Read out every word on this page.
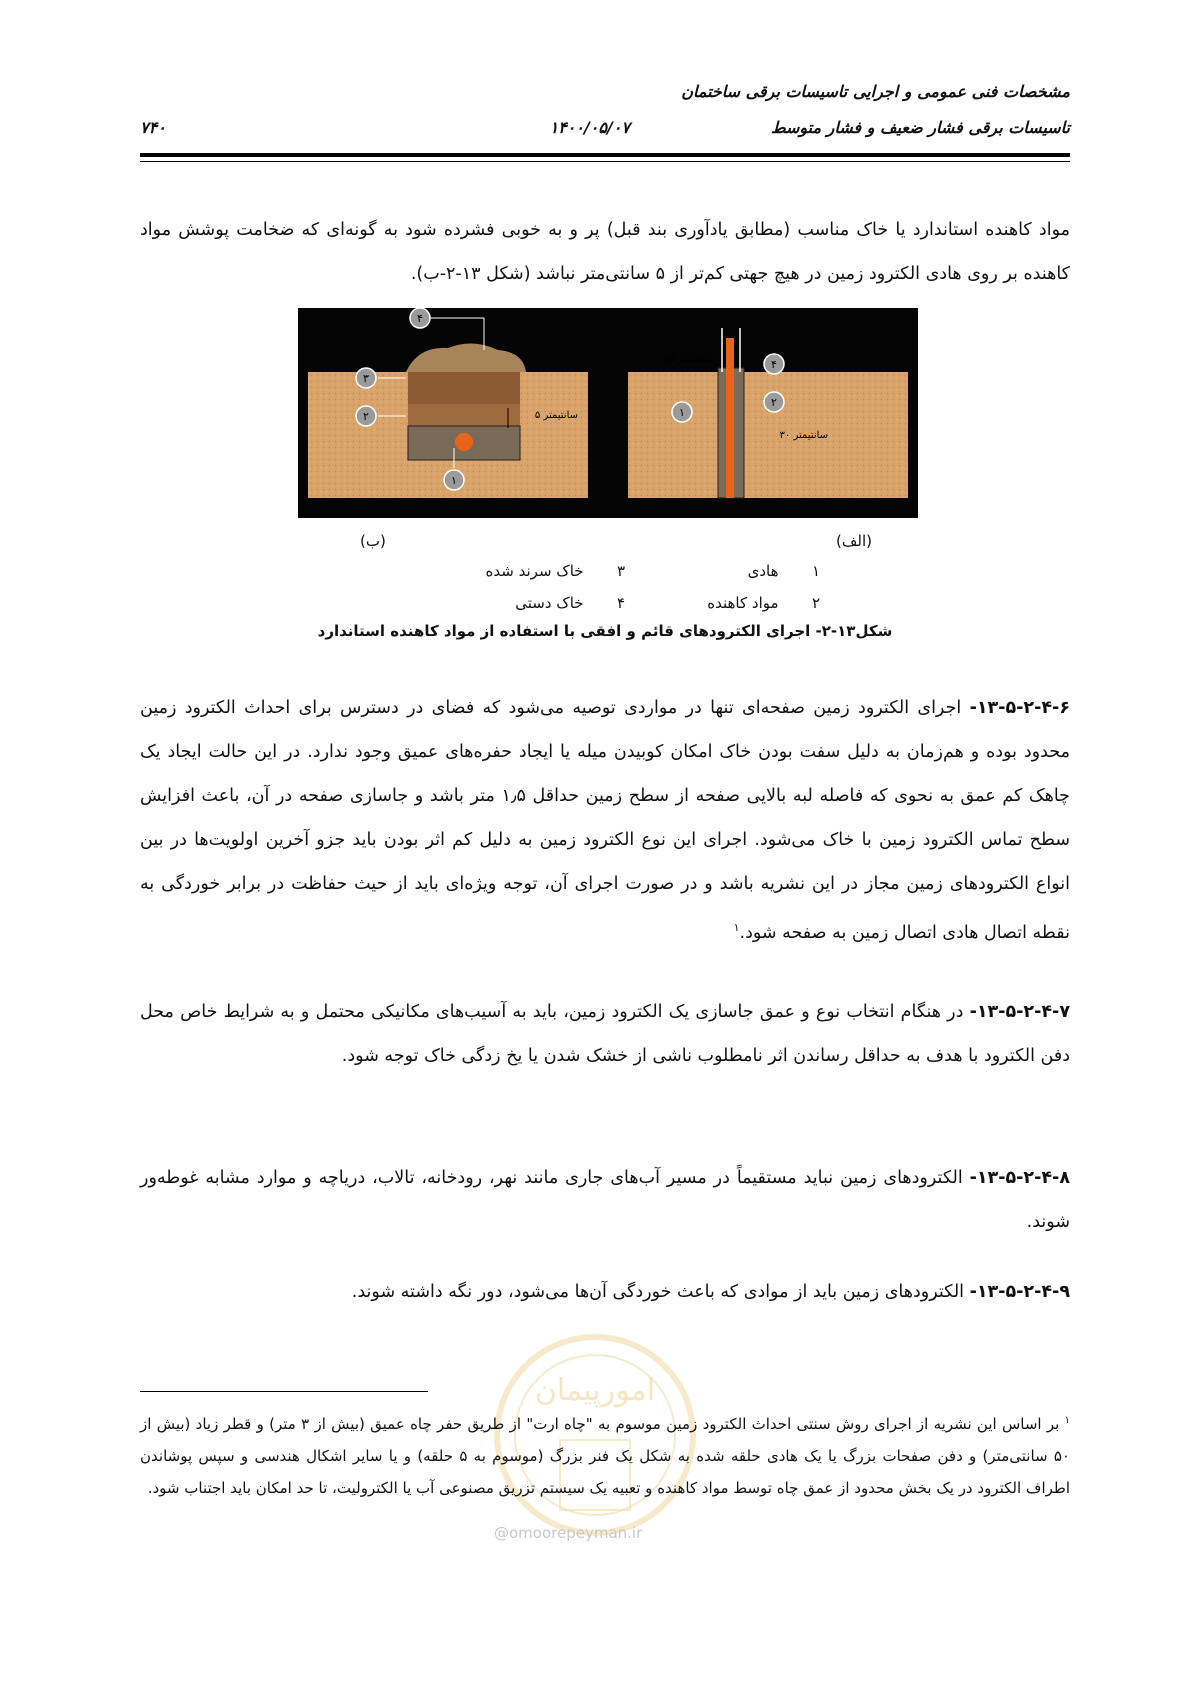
مشخصات فنی عمومی و اجرایی تاسیسات برقی ساختمان
تاسیسات برقی فشار ضعیف و فشار متوسط
۱۴۰۰/۰۵/۰۷
۷۴۰
مواد کاهنده استاندارد یا خاک مناسب (مطابق یادآوری بند قبل) پر و به خوبی فشرده شود به گونه‌ای که ضخامت پوشش مواد کاهنده بر روی هادی الکترود زمین در هیچ جهتی کم‌تر از ۵ سانتی‌متر نباشد (شکل ۱۳-۲-ب).
۴
۳
۲
۱
۵ سانتیمتر
۱۵ سانتیمتر
۳۰ سانتیمتر
۴
۲
۱
(ب)	(الف)
۱       هادی
۲       مواد کاهنده
۳       خاک سرند شده
۴       خاک دستی
شکل۱۳-۲- اجرای الکترودهای قائم و افقی با استفاده از مواد کاهنده استاندارد
۱۳-۵-۲-۴-۶- اجرای الکترود زمین صفحه‌ای تنها در مواردی توصیه می‌شود که فضای در دسترس برای احداث الکترود زمین محدود بوده و هم‌زمان به دلیل سفت بودن خاک امکان کوبیدن میله یا ایجاد حفره‌های عمیق وجود ندارد. در این حالت ایجاد یک چاهک کم عمق به نحوی که فاصله لبه بالایی صفحه از سطح زمین حداقل ۱٫۵ متر باشد و جاسازی صفحه در آن، باعث افزایش سطح تماس الکترود زمین با خاک می‌شود. اجرای این نوع الکترود زمین به دلیل کم اثر بودن باید جزو آخرین اولویت‌ها در بین انواع الکترودهای زمین مجاز در این نشریه باشد و در صورت اجرای آن، توجه ویژه‌ای باید از حیث حفاظت در برابر خوردگی به نقطه اتصال هادی اتصال زمین به صفحه شود.$^۱$
۱۳-۵-۲-۴-۷- در هنگام انتخاب نوع و عمق جاسازی یک الکترود زمین، باید به آسیب‌های مکانیکی محتمل و به شرایط خاص محل دفن الکترود با هدف به حداقل رساندن اثر نامطلوب ناشی از خشک شدن یا یخ زدگی خاک توجه شود.
۱۳-۵-۲-۴-۸- الکترودهای زمین نباید مستقیماً در مسیر آب‌های جاری مانند نهر، رودخانه، تالاب، دریاچه و موارد مشابه غوطه‌ور شوند.
۱۳-۵-۲-۴-۹- الکترودهای زمین باید از موادی که باعث خوردگی آن‌ها می‌شود، دور نگه داشته شوند.
امورپیمان
@omoorepeyman.ir
$^۱$ بر اساس این نشریه از اجرای روش سنتی احداث الکترود زمین موسوم به "چاه ارت" از طریق حفر چاه عمیق (بیش از ۳ متر) و قطر زیاد (بیش از ۵۰ سانتی‌متر) و دفن صفحات بزرگ یا یک هادی حلقه شده به شکل یک فنر بزرگ (موسوم به ۵ حلقه) و یا سایر اشکال هندسی و سپس پوشاندن اطراف الکترود در یک بخش محدود از عمق چاه توسط مواد کاهنده و تعبیه یک سیستم تزریق مصنوعی آب یا الکترولیت، تا حد امکان باید اجتناب شود.
